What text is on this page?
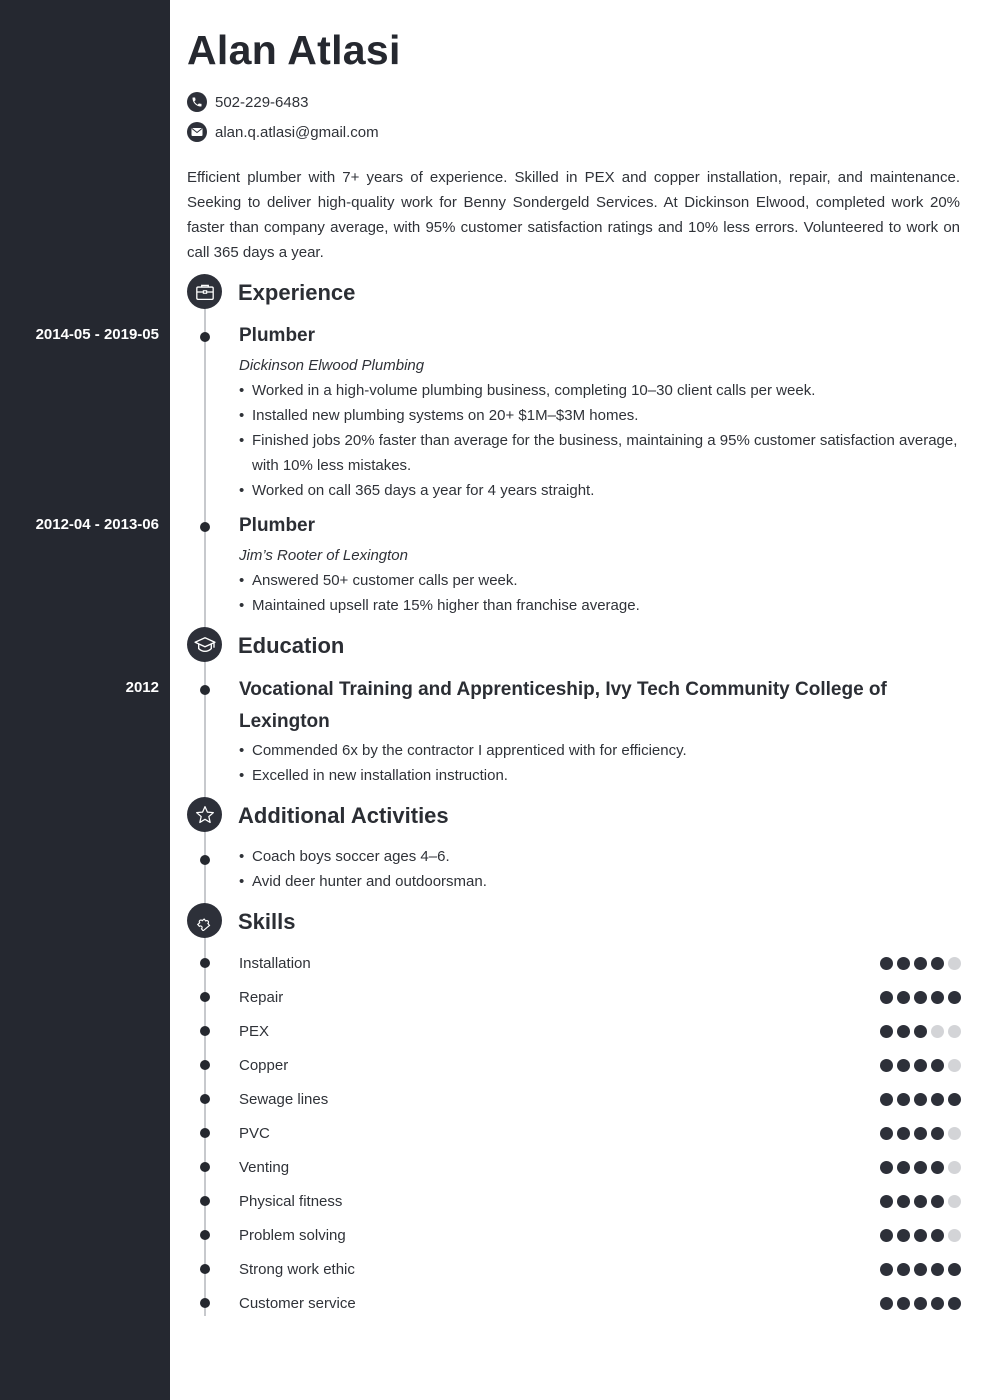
Alan Atlasi
502-229-6483
alan.q.atlasi@gmail.com

Efficient plumber with 7+ years of experience. Skilled in PEX and copper installation, repair, and maintenance. Seeking to deliver high-quality work for Benny Sondergeld Services. At Dickinson Elwood, completed work 20% faster than company average, with 95% customer satisfaction ratings and 10% less errors. Volunteered to work on call 365 days a year.

Experience
2014-05 - 2019-05	Plumber
Dickinson Elwood Plumbing
• Worked in a high-volume plumbing business, completing 10–30 client calls per week.
• Installed new plumbing systems on 20+ $1M–$3M homes.
• Finished jobs 20% faster than average for the business, maintaining a 95% customer satisfaction average, with 10% less mistakes.
• Worked on call 365 days a year for 4 years straight.
2012-04 - 2013-06	Plumber
Jim’s Rooter of Lexington
• Answered 50+ customer calls per week.
• Maintained upsell rate 15% higher than franchise average.
Education
2012	Vocational Training and Apprenticeship, Ivy Tech Community College of Lexington
• Commended 6x by the contractor I apprenticed with for efficiency.
• Excelled in new installation instruction.
Additional Activities
• Coach boys soccer ages 4–6.
• Avid deer hunter and outdoorsman.
Skills
Installation
Repair
PEX
Copper
Sewage lines
PVC
Venting
Physical fitness
Problem solving
Strong work ethic
Customer service
